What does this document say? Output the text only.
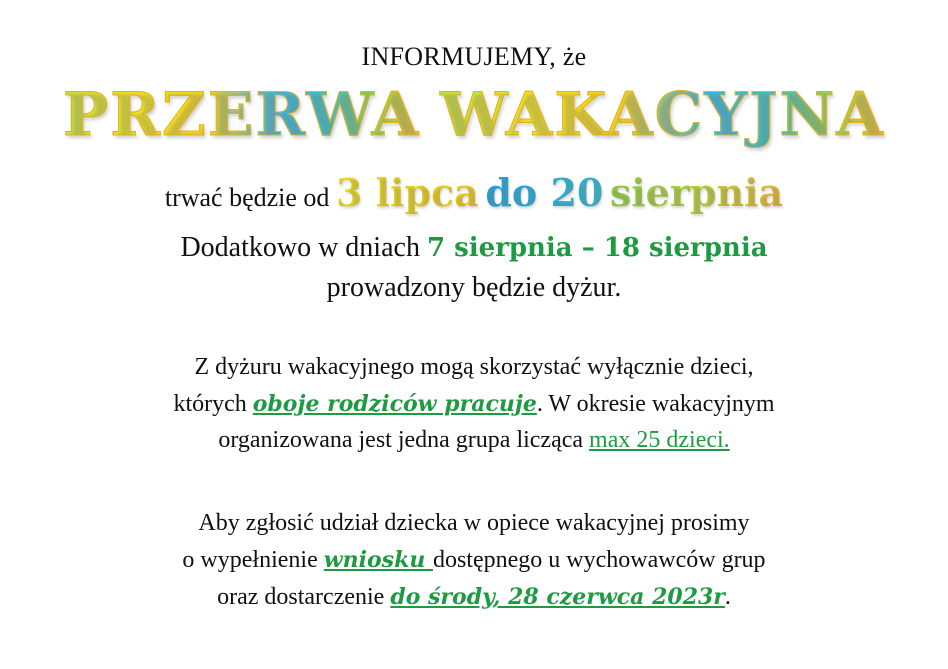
INFORMUJEMY, że
PRZERWA WAKACYJNA
trwać będzie od 3 lipca do 20 sierpnia
Dodatkowo w dniach 7 sierpnia – 18 sierpnia
prowadzony będzie dyżur.
Z dyżuru wakacyjnego mogą skorzystać wyłącznie dzieci,
których oboje rodziców pracuje. W okresie wakacyjnym
organizowana jest jedna grupa licząca max 25 dzieci.
Aby zgłosić udział dziecka w opiece wakacyjnej prosimy
o wypełnienie wniosku dostępnego u wychowawców grup
oraz dostarczenie do środy, 28 czerwca 2023r.
